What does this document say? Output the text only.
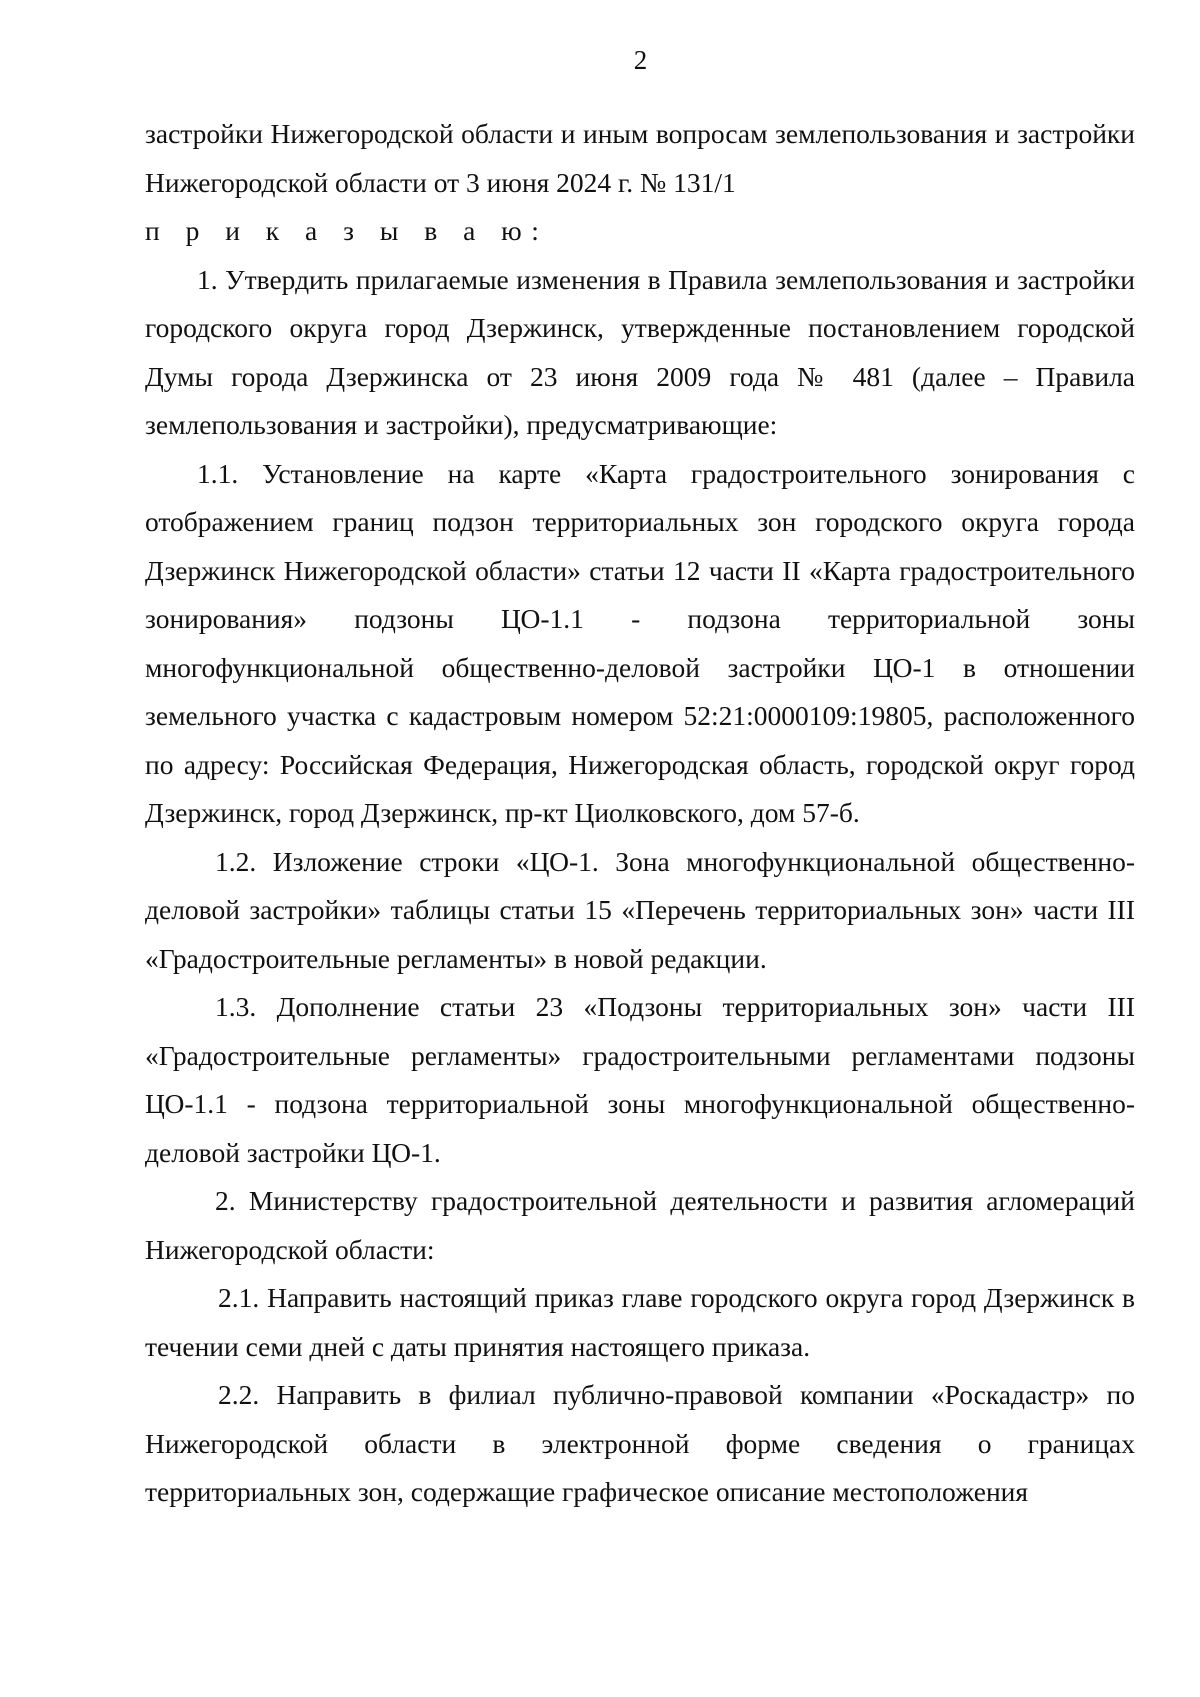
2

застройки Нижегородской области и иным вопросам землепользования и застройки Нижегородской области от 3 июня 2024 г. № 131/1

п р и к а з ы в а ю:

1. Утвердить прилагаемые изменения в Правила землепользования и застройки городского округа город Дзержинск, утвержденные постановлением городской Думы города Дзержинска от 23 июня 2009 года № 481 (далее – Правила землепользования и застройки), предусматривающие:

1.1. Установление на карте «Карта градостроительного зонирования с отображением границ подзон территориальных зон городского округа города Дзержинск Нижегородской области» статьи 12 части II «Карта градостроительного зонирования» подзоны ЦО-1.1 - подзона территориальной зоны многофункциональной общественно-деловой застройки ЦО-1 в отношении земельного участка с кадастровым номером 52:21:0000109:19805, расположенного по адресу: Российская Федерация, Нижегородская область, городской округ город Дзержинск, город Дзержинск, пр-кт Циолковского, дом 57-б.

1.2. Изложение строки «ЦО-1. Зона многофункциональной общественно-деловой застройки» таблицы статьи 15 «Перечень территориальных зон» части III «Градостроительные регламенты» в новой редакции.

1.3. Дополнение статьи 23 «Подзоны территориальных зон» части III «Градостроительные регламенты» градостроительными регламентами подзоны ЦО-1.1 - подзона территориальной зоны многофункциональной общественно-деловой застройки ЦО-1.

2. Министерству градостроительной деятельности и развития агломераций Нижегородской области:

2.1. Направить настоящий приказ главе городского округа город Дзержинск в течении семи дней с даты принятия настоящего приказа.

2.2. Направить в филиал публично-правовой компании «Роскадастр» по Нижегородской области в электронной форме сведения о границах территориальных зон, содержащие графическое описание местоположения
